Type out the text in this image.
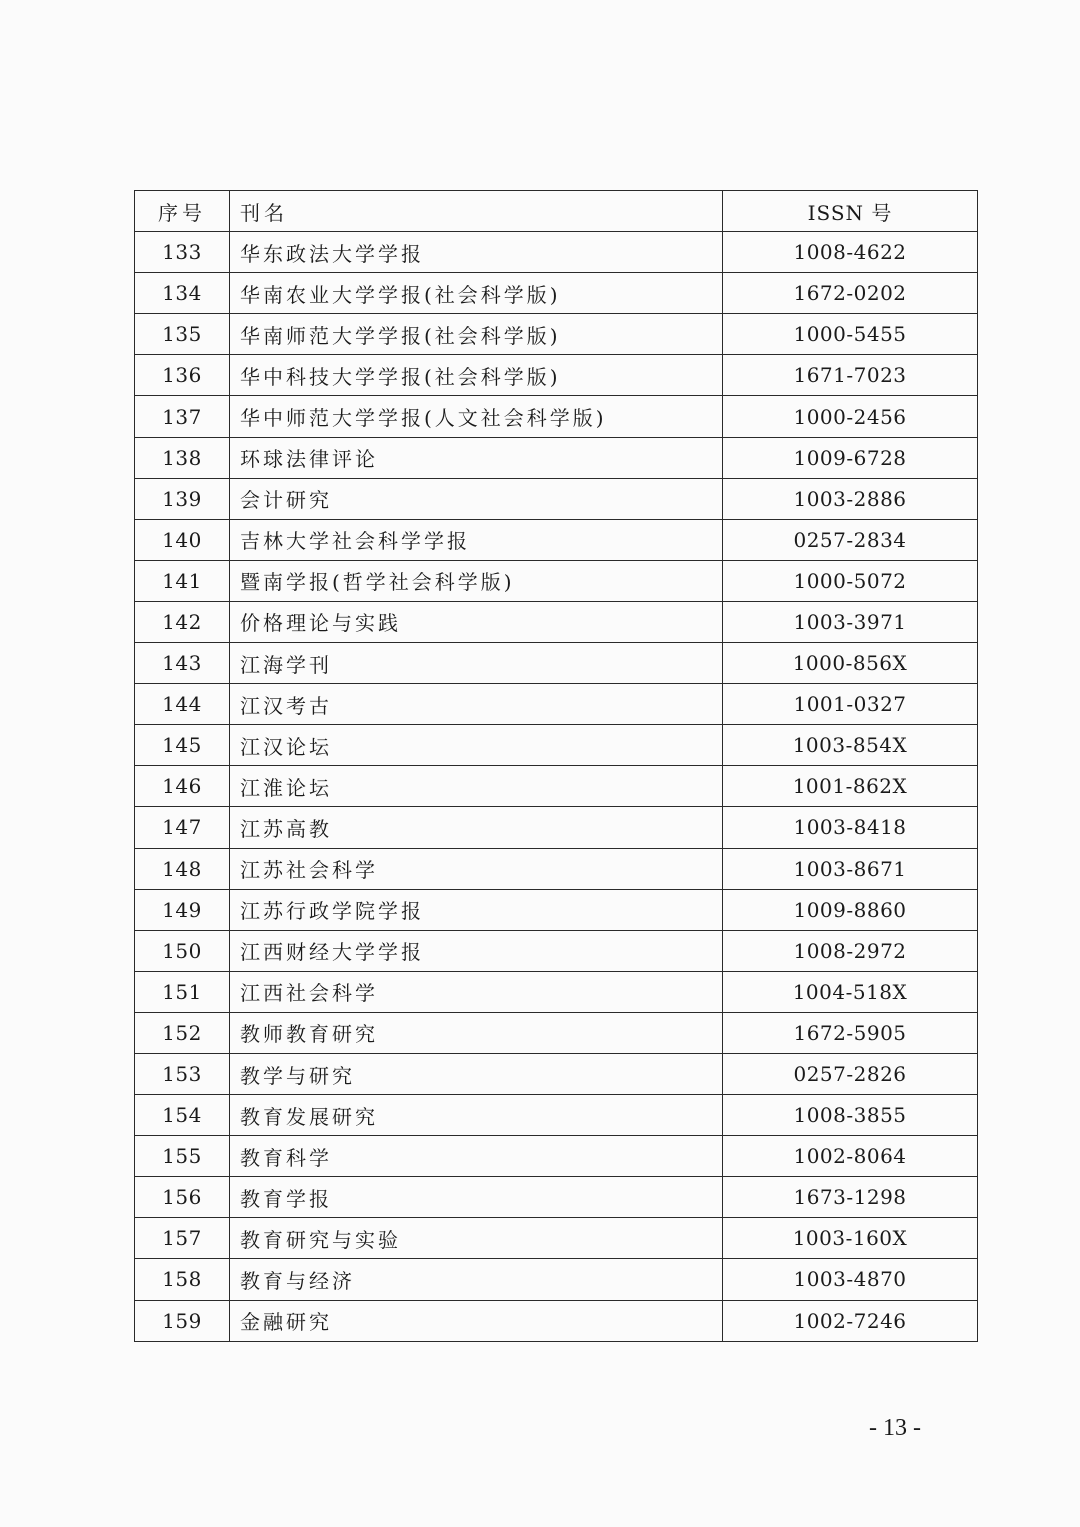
序号	刊名	ISSN 号
133	华东政法大学学报	1008-4622
134	华南农业大学学报(社会科学版)	1672-0202
135	华南师范大学学报(社会科学版)	1000-5455
136	华中科技大学学报(社会科学版)	1671-7023
137	华中师范大学学报(人文社会科学版)	1000-2456
138	环球法律评论	1009-6728
139	会计研究	1003-2886
140	吉林大学社会科学学报	0257-2834
141	暨南学报(哲学社会科学版)	1000-5072
142	价格理论与实践	1003-3971
143	江海学刊	1000-856X
144	江汉考古	1001-0327
145	江汉论坛	1003-854X
146	江淮论坛	1001-862X
147	江苏高教	1003-8418
148	江苏社会科学	1003-8671
149	江苏行政学院学报	1009-8860
150	江西财经大学学报	1008-2972
151	江西社会科学	1004-518X
152	教师教育研究	1672-5905
153	教学与研究	0257-2826
154	教育发展研究	1008-3855
155	教育科学	1002-8064
156	教育学报	1673-1298
157	教育研究与实验	1003-160X
158	教育与经济	1003-4870
159	金融研究	1002-7246
- 13 -
